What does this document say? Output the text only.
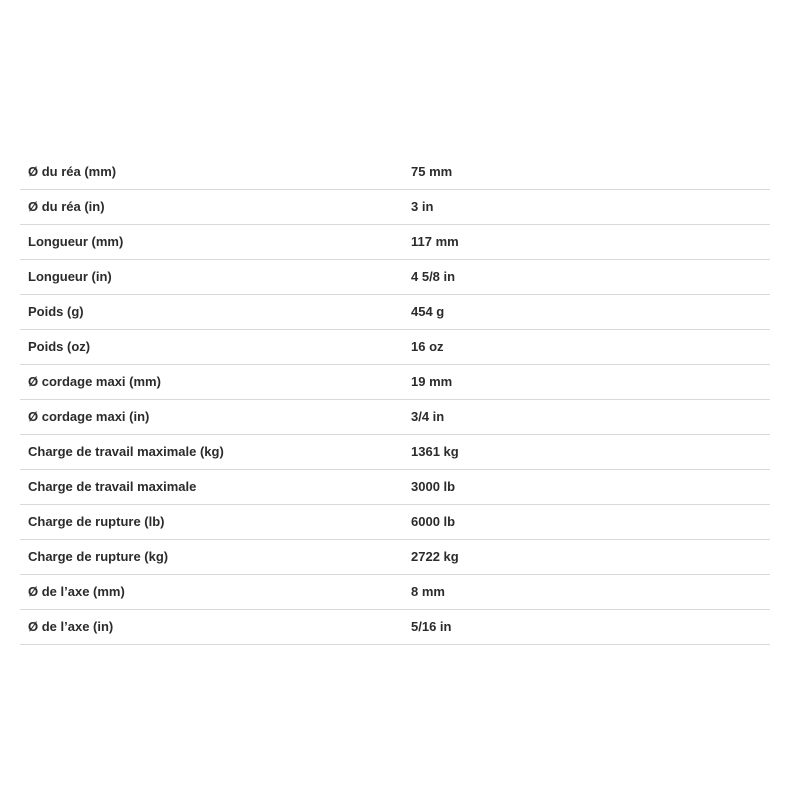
Ø du réa (mm)	75 mm
Ø du réa (in)	3 in
Longueur (mm)	117 mm
Longueur (in)	4 5/8 in
Poids (g)	454 g
Poids (oz)	16 oz
Ø cordage maxi (mm)	19 mm
Ø cordage maxi (in)	3/4 in
Charge de travail maximale (kg)	1361 kg
Charge de travail maximale	3000 lb
Charge de rupture (lb)	6000 lb
Charge de rupture (kg)	2722 kg
Ø de l’axe (mm)	8 mm
Ø de l’axe (in)	5/16 in
